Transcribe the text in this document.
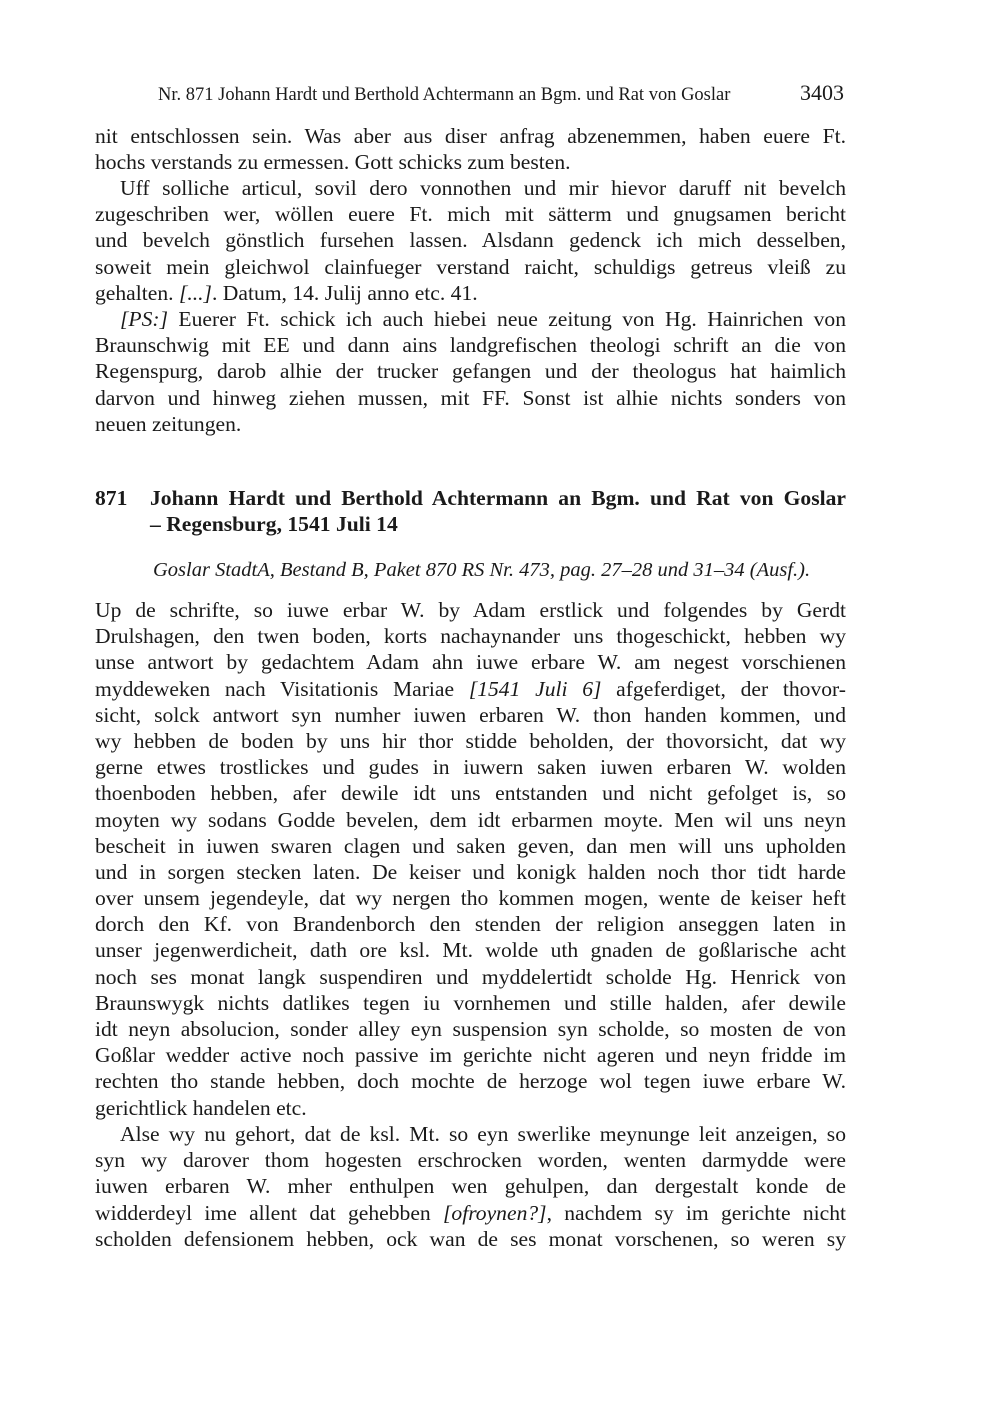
Nr. 871 Johann Hardt und Berthold Achtermann an Bgm. und Rat von Goslar	3403
nit entschlossen sein. Was aber aus diser anfrag abzenemmen, haben euere Ft.
hochs verstands zu ermessen. Gott schicks zum besten.
Uff solliche articul, sovil dero vonnothen und mir hievor daruff nit bevelch
zugeschriben wer, wöllen euere Ft. mich mit sätterm und gnugsamen bericht
und bevelch gönstlich fursehen lassen. Alsdann gedenck ich mich desselben,
soweit mein gleichwol clainfueger verstand raicht, schuldigs getreus vleiß zu
gehalten. [...]. Datum, 14. Julij anno etc. 41.
[PS:] Euerer Ft. schick ich auch hiebei neue zeitung von Hg. Hainrichen von
Braunschwig mit EE und dann ains landgrefischen theologi schrift an die von
Regenspurg, darob alhie der trucker gefangen und der theologus hat haimlich
darvon und hinweg ziehen mussen, mit FF. Sonst ist alhie nichts sonders von
neuen zeitungen.
871 Johann Hardt und Berthold Achtermann an Bgm. und Rat von Goslar
– Regensburg, 1541 Juli 14
Goslar StadtA, Bestand B, Paket 870 RS Nr. 473, pag. 27–28 und 31–34 (Ausf.).
Up de schrifte, so iuwe erbar W. by Adam erstlick und folgendes by Gerdt
Drulshagen, den twen boden, korts nachaynander uns thogeschickt, hebben wy
unse antwort by gedachtem Adam ahn iuwe erbare W. am negest vorschienen
myddeweken nach Visitationis Mariae [1541 Juli 6] afgeferdiget, der thovor-
sicht, solck antwort syn numher iuwen erbaren W. thon handen kommen, und
wy hebben de boden by uns hir thor stidde beholden, der thovorsicht, dat wy
gerne etwes trostlickes und gudes in iuwern saken iuwen erbaren W. wolden
thoenboden hebben, afer dewile idt uns entstanden und nicht gefolget is, so
moyten wy sodans Godde bevelen, dem idt erbarmen moyte. Men wil uns neyn
bescheit in iuwen swaren clagen und saken geven, dan men will uns upholden
und in sorgen stecken laten. De keiser und konigk halden noch thor tidt harde
over unsem jegendeyle, dat wy nergen tho kommen mogen, wente de keiser heft
dorch den Kf. von Brandenborch den stenden der religion anseggen laten in
unser jegenwerdicheit, dath ore ksl. Mt. wolde uth gnaden de goßlarische acht
noch ses monat langk suspendiren und myddelertidt scholde Hg. Henrick von
Braunswygk nichts datlikes tegen iu vornhemen und stille halden, afer dewile
idt neyn absolucion, sonder alley eyn suspension syn scholde, so mosten de von
Goßlar wedder active noch passive im gerichte nicht ageren und neyn fridde im
rechten tho stande hebben, doch mochte de herzoge wol tegen iuwe erbare W.
gerichtlick handelen etc.
Alse wy nu gehort, dat de ksl. Mt. so eyn swerlike meynunge leit anzeigen, so
syn wy darover thom hogesten erschrocken worden, wenten darmydde were
iuwen erbaren W. mher enthulpen wen gehulpen, dan dergestalt konde de
widderdeyl ime allent dat gehebben [ofroynen?], nachdem sy im gerichte nicht
scholden defensionem hebben, ock wan de ses monat vorschenen, so weren sy
